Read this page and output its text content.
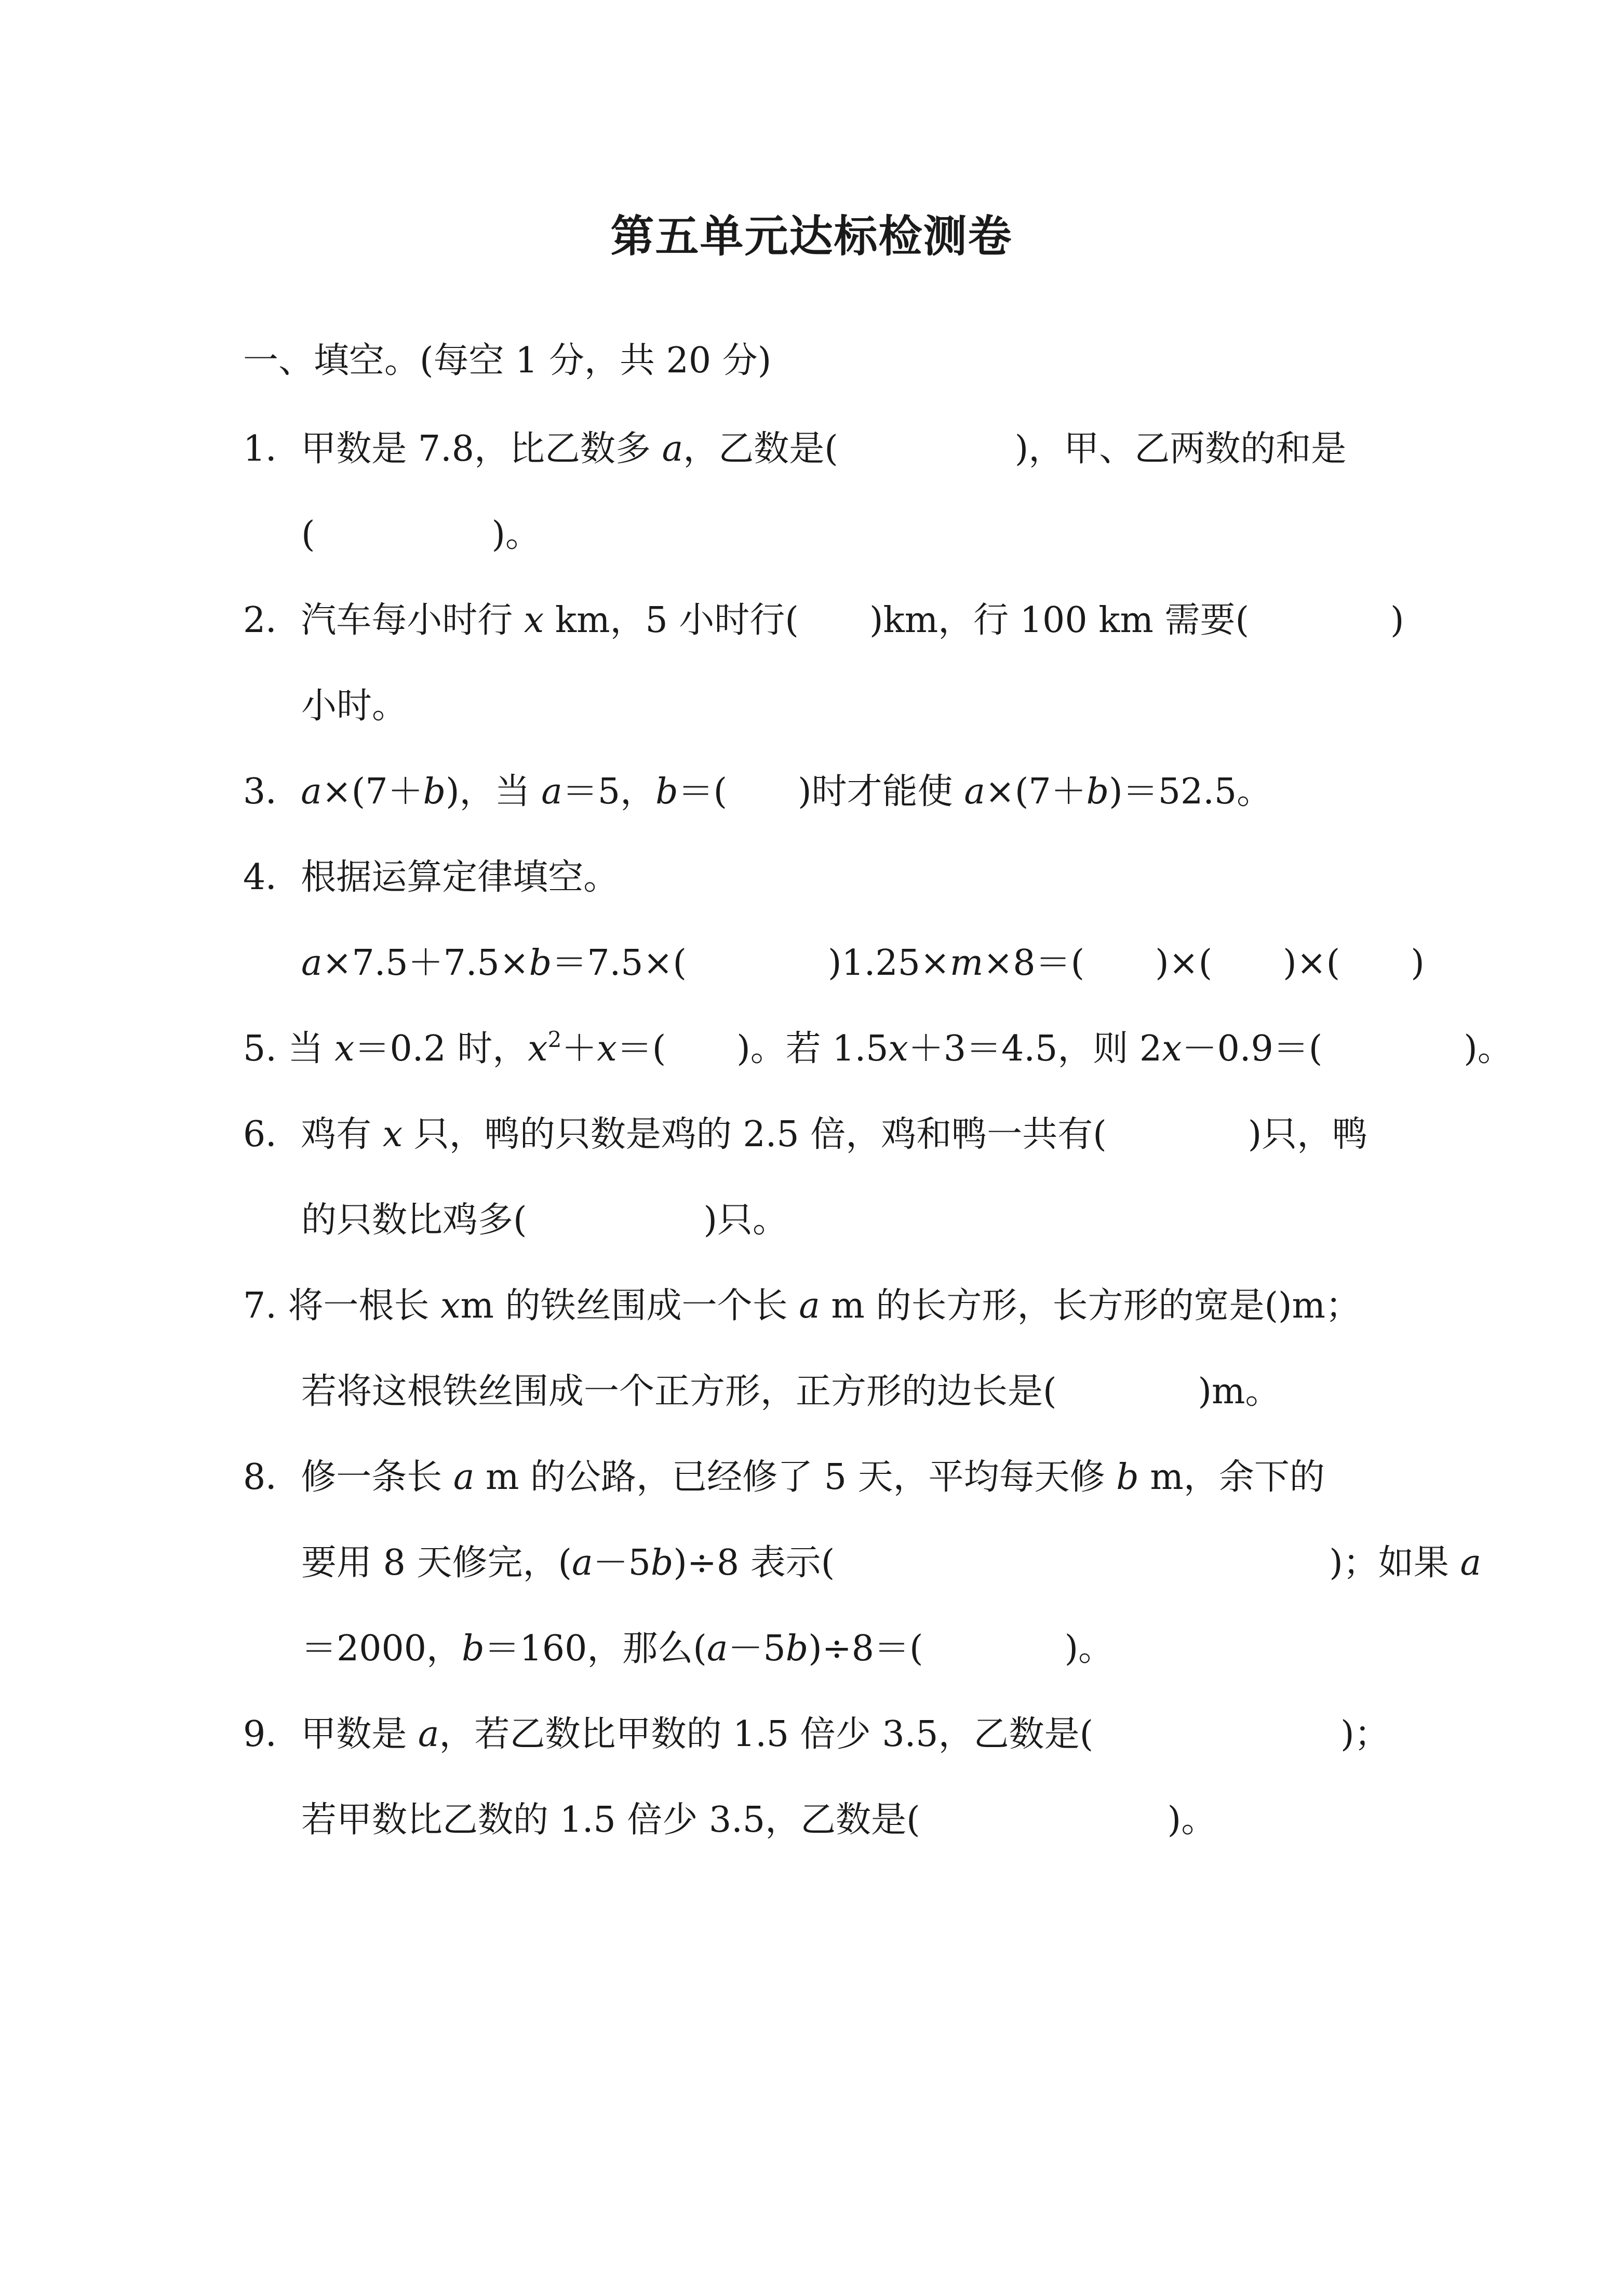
第五单元达标检测卷
一、填空。(每空 1 分，共 20 分)
1．甲数是 7.8，比乙数多 a，乙数是(　　　　　)，甲、乙两数的和是
(　　　　　)。
2．汽车每小时行 x km，5 小时行(　　)km，行 100 km 需要(　　　　)
小时。
3．a×(7＋b)，当 a＝5，b＝(　　)时才能使 a×(7＋b)＝52.5。
4．根据运算定律填空。
a×7.5＋7.5×b＝7.5×(　　　　)1.25×m×8＝(　　)×(　　)×(　　)
5. 当 x＝0.2 时，$x^2+x=$(　　)。若 1.5x＋3＝4.5，则 2x－0.9＝(　　　　)。
6．鸡有 x 只，鸭的只数是鸡的 2.5 倍，鸡和鸭一共有(　　　　)只，鸭
的只数比鸡多(　　　　　)只。
7. 将一根长 xm 的铁丝围成一个长 a m 的长方形，长方形的宽是()m；
若将这根铁丝围成一个正方形，正方形的边长是(　　　　)m。
8．修一条长 a m 的公路，已经修了 5 天，平均每天修 b m，余下的
要用 8 天修完，(a－5b)÷8 表示(　　　　　　　　　　　　　　)；如果 a
＝2000，b＝160，那么(a－5b)÷8＝(　　　　)。
9．甲数是 a，若乙数比甲数的 1.5 倍少 3.5，乙数是(　　　　　　　)；
若甲数比乙数的 1.5 倍少 3.5，乙数是(　　　　　　　)。
